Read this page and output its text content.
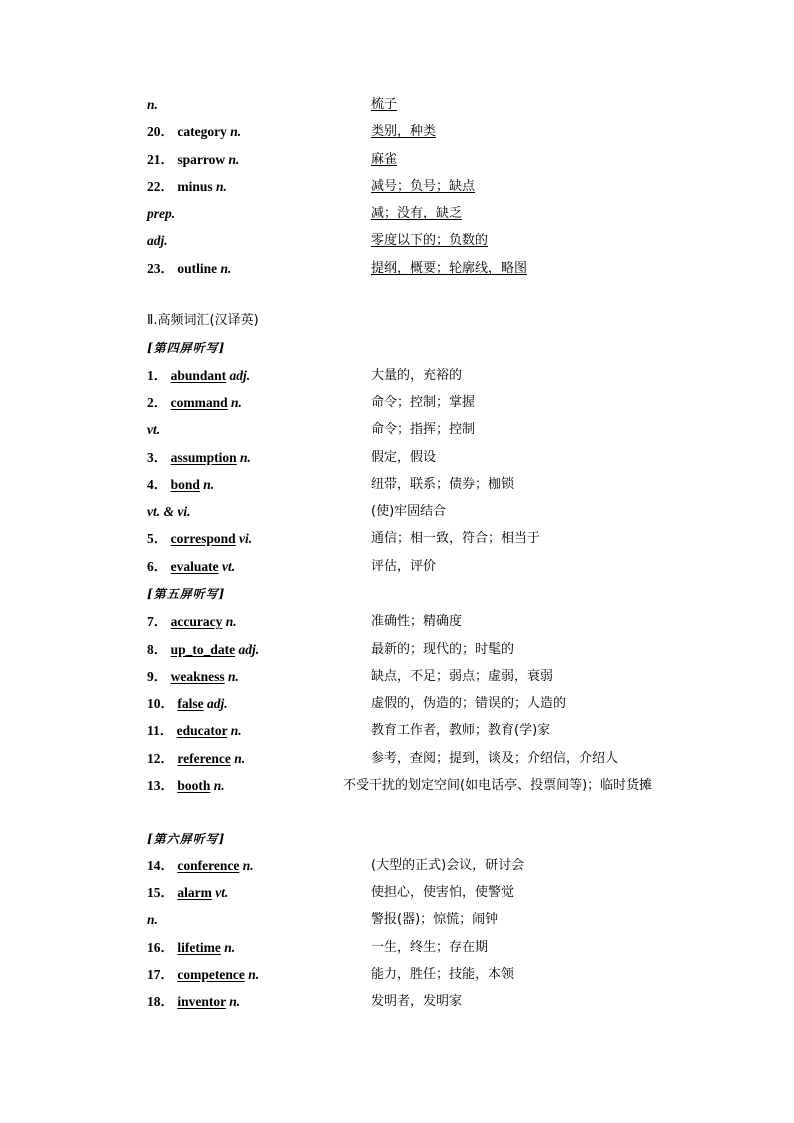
n.	梳子
20． category n.	类别，种类
21． sparrow n.	麻雀
22． minus n.	减号；负号；缺点
prep.	减；没有，缺乏
adj.	零度以下的；负数的
23． outline n.	提纲，概要；轮廓线，略图
Ⅱ.高频词汇(汉译英)
[第四屏听写]
1． abundant adj.	大量的，充裕的
2． command n.	命令；控制；掌握
vt.	命令；指挥；控制
3． assumption n.	假定，假设
4． bond n.	纽带，联系；债券；枷锁
vt. & vi.	(使)牢固结合
5． correspond vi.	通信；相一致，符合；相当于
6． evaluate vt.	评估，评价
[第五屏听写]
7． accuracy n.	准确性；精确度
8． up_to_date adj.	最新的；现代的；时髦的
9． weakness n.	缺点，不足；弱点；虚弱，衰弱
10． false adj.	虚假的，伪造的；错误的；人造的
11． educator n.	教育工作者，教师；教育(学)家
12． reference n.	参考，查阅；提到，谈及；介绍信，介绍人
13． booth n.	不受干扰的划定空间(如电话亭、投票间等)；临时货摊
[第六屏听写]
14． conference n.	(大型的正式)会议，研讨会
15． alarm vt.	使担心，使害怕，使警觉
n.	警报(器)；惊慌；闹钟
16． lifetime n.	一生，终生；存在期
17． competence n.	能力，胜任；技能，本领
18． inventor n.	发明者，发明家
